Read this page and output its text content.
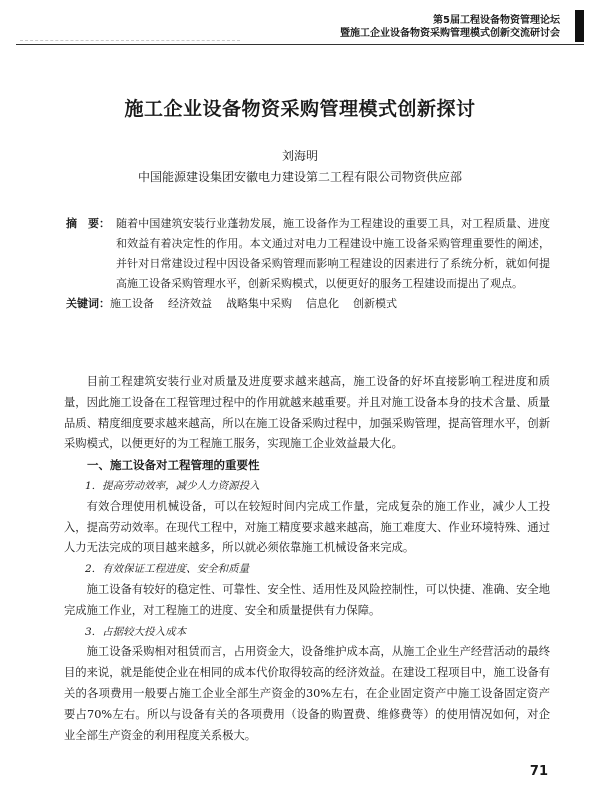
第5届工程设备物资管理论坛
暨施工企业设备物资采购管理模式创新交流研讨会
施工企业设备物资采购管理模式创新探讨
刘海明
中国能源建设集团安徽电力建设第二工程有限公司物资供应部
摘　要： 随着中国建筑安装行业蓬勃发展，施工设备作为工程建设的重要工具，对工程质量、进度和效益有着决定性的作用。本文通过对电力工程建设中施工设备采购管理重要性的阐述，并针对日常建设过程中因设备采购管理而影响工程建设的因素进行了系统分析，就如何提高施工设备采购管理水平，创新采购模式，以便更好的服务工程建设而提出了观点。
关键词： 施工设备 经济效益 战略集中采购 信息化 创新模式

目前工程建筑安装行业对质量及进度要求越来越高，施工设备的好坏直接影响工程进度和质量，因此施工设备在工程管理过程中的作用就越来越重要。并且对施工设备本身的技术含量、质量品质、精度细度要求越来越高，所以在施工设备采购过程中，加强采购管理，提高管理水平，创新采购模式，以便更好的为工程施工服务，实现施工企业效益最大化。

一、施工设备对工程管理的重要性

1．提高劳动效率，减少人力资源投入

有效合理使用机械设备，可以在较短时间内完成工作量，完成复杂的施工作业，减少人工投入，提高劳动效率。在现代工程中，对施工精度要求越来越高，施工难度大、作业环境特殊、通过人力无法完成的项目越来越多，所以就必须依靠施工机械设备来完成。

2．有效保证工程进度、安全和质量

施工设备有较好的稳定性、可靠性、安全性、适用性及风险控制性，可以快捷、准确、安全地完成施工作业，对工程施工的进度、安全和质量提供有力保障。

3．占据较大投入成本

施工设备采购相对租赁而言，占用资金大，设备维护成本高，从施工企业生产经营活动的最终目的来说，就是能使企业在相同的成本代价取得较高的经济效益。在建设工程项目中，施工设备有关的各项费用一般要占施工企业全部生产资金的30%左右，在企业固定资产中施工设备固定资产要占70%左右。所以与设备有关的各项费用（设备的购置费、维修费等）的使用情况如何，对企业全部生产资金的利用程度关系极大。

71
